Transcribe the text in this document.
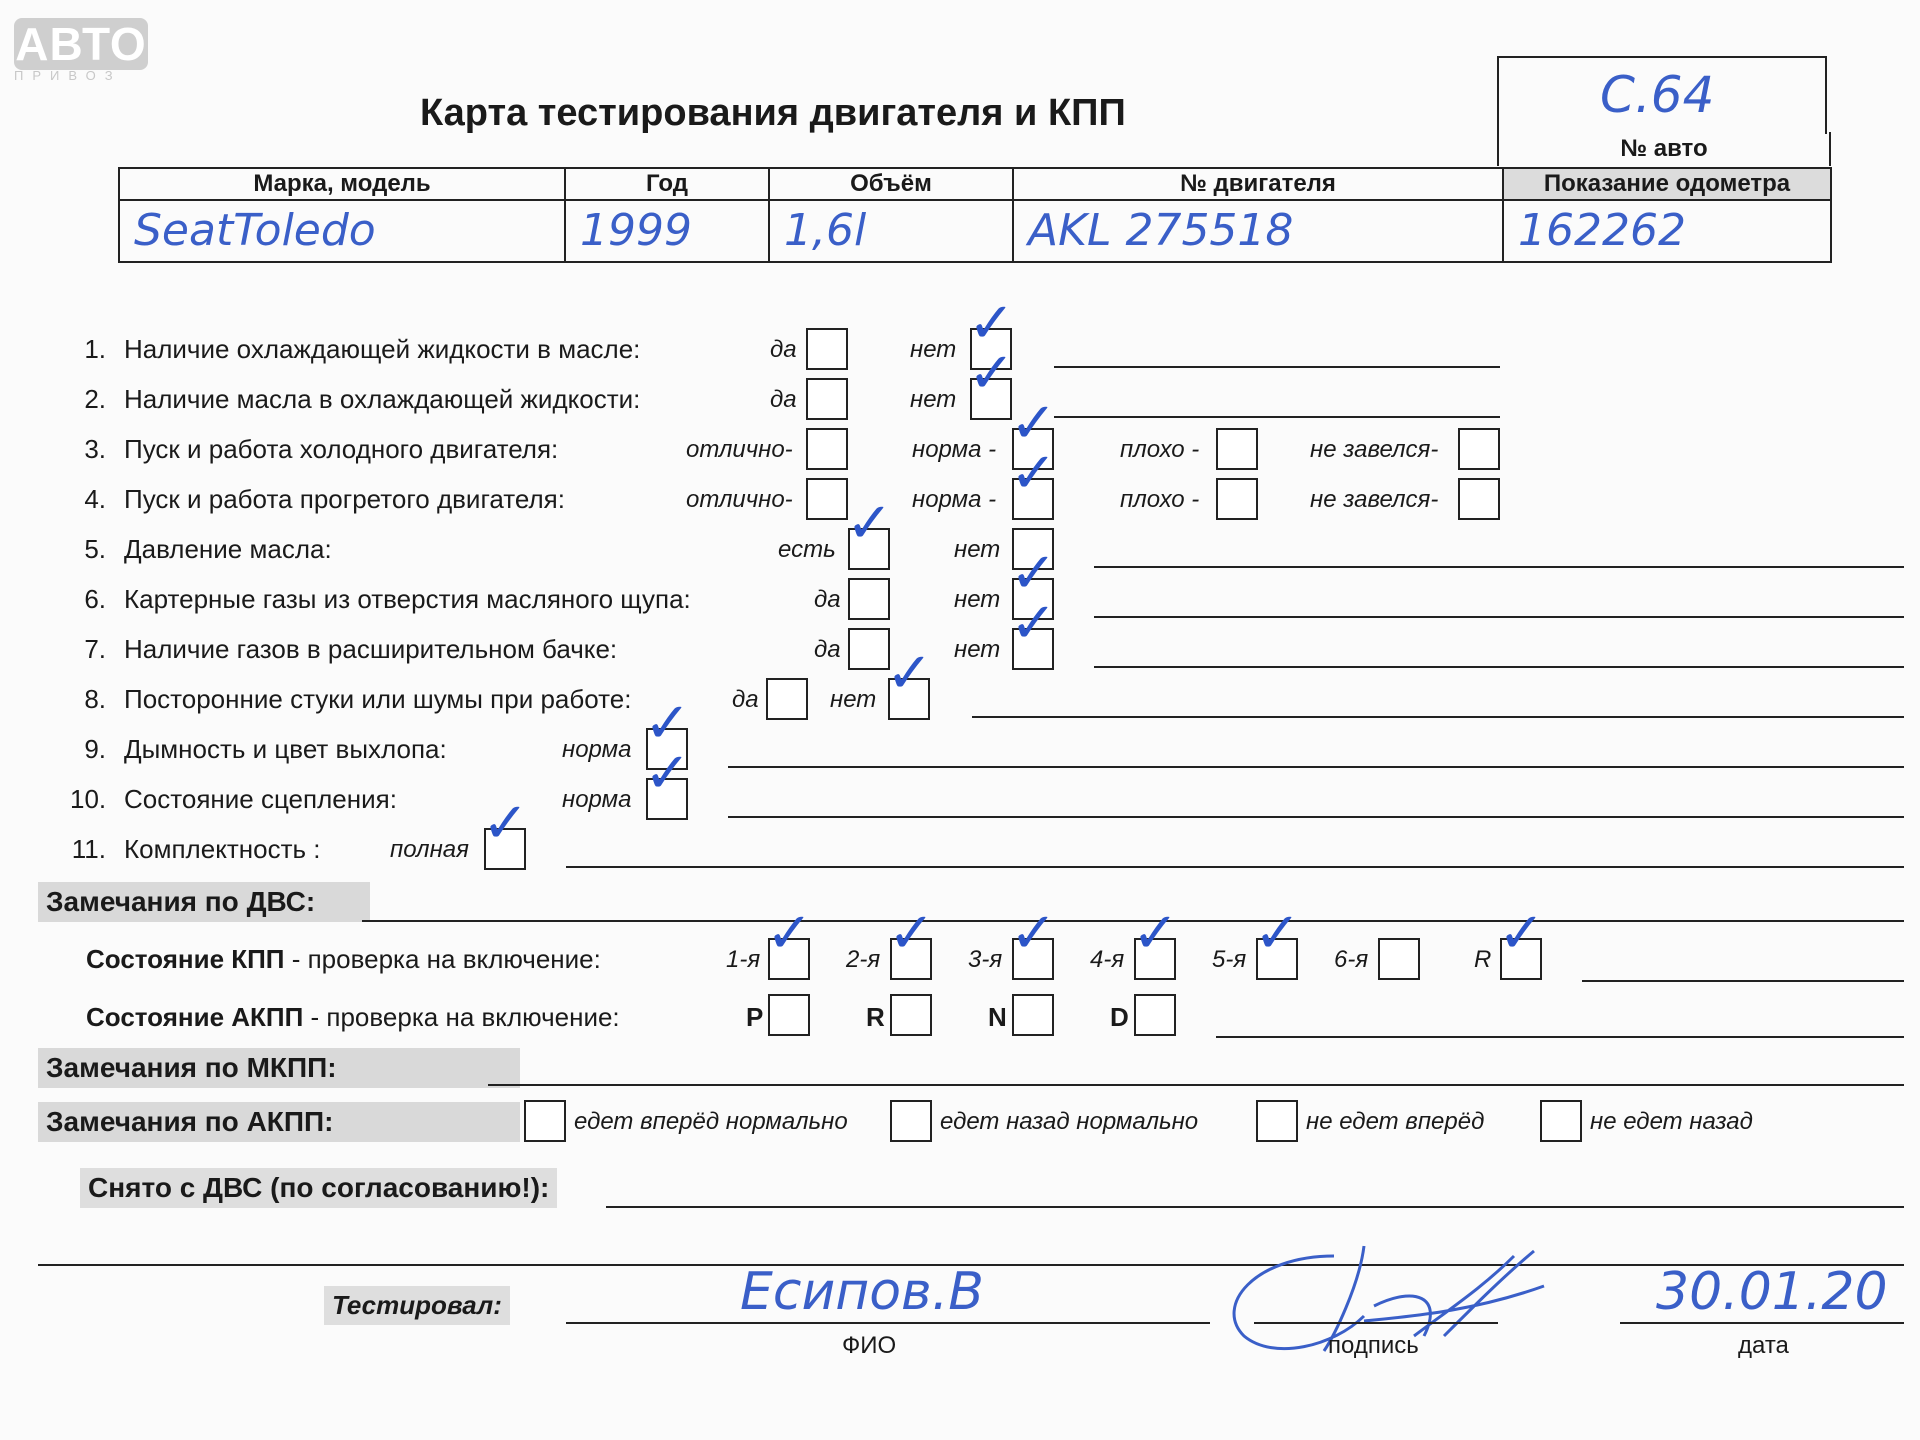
АВТО
ПРИВОЗ
Карта тестирования двигателя и КПП	С.64
№ авто
Марка, модель	Год	Объём	№ двигателя	Показание одометра
SeatToledo	1999	1,6l	AKL 275518	162262
1. Наличие охлаждающей жидкости в масле:	да	нет ✓
2. Наличие масла в охлаждающей жидкости:	да	нет ✓
3. Пуск и работа холодного двигателя:	отлично-	норма - ✓	плохо -	не завелся-
4. Пуск и работа прогретого двигателя:	отлично-	норма - ✓	плохо -	не завелся-
5. Давление масла:	есть ✓	нет
6. Картерные газы из отверстия масляного щупа:	да	нет ✓
7. Наличие газов в расширительном бачке:	да	нет ✓
8. Посторонние стуки или шумы при работе:	да	нет ✓
9. Дымность и цвет выхлопа:	норма ✓
10. Состояние сцепления:	норма ✓
11. Комплектность :	полная ✓
Замечания по ДВС:
Состояние КПП - проверка на включение:	1-я ✓ 2-я ✓ 3-я ✓ 4-я ✓ 5-я ✓ 6-я	R ✓
Состояние АКПП - проверка на включение:	P	R	N	D
Замечания по МКПП:
Замечания по АКПП:	едет вперёд нормально	едет назад нормально	не едет вперёд	не едет назад
Снято с ДВС (по согласованию!):
Тестировал:	Есипов.В
ФИО	подпись
30.01.20
дата
